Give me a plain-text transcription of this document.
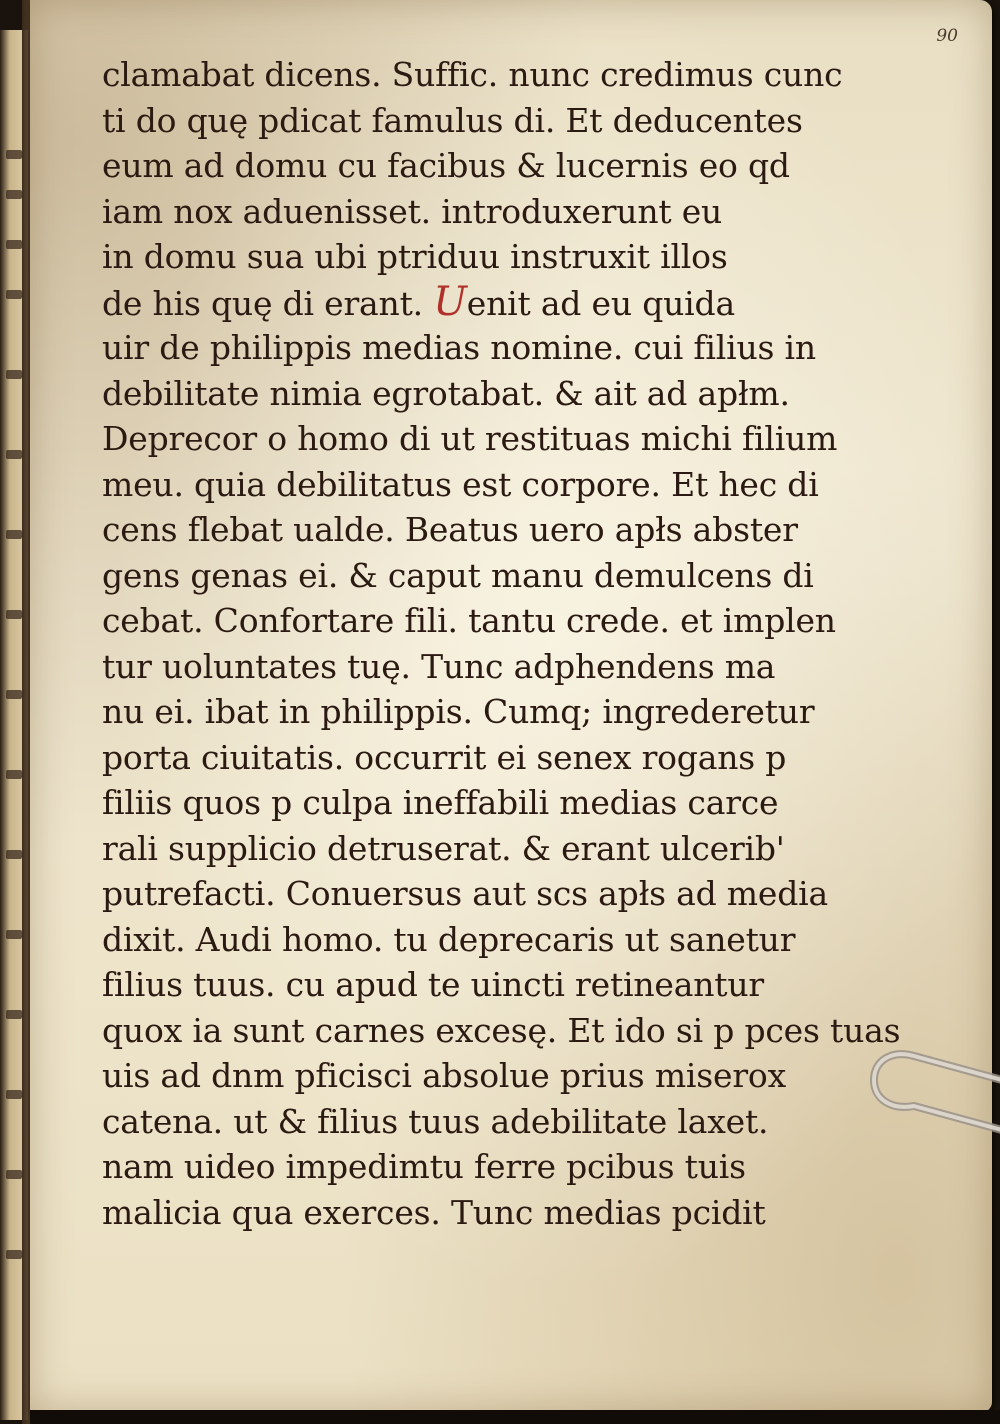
90
clamabat dicens. Suffic. nunc credimus cunc
ti do quę pdicat famulus di. Et deducentes
eum ad domu cu facibus & lucernis eo qd
iam nox aduenisset. introduxerunt eu
in domu sua ubi ptriduu instruxit illos
de his quę di erant. Uenit ad eu quida
uir de philippis medias nomine. cui filius in
debilitate nimia egrotabat. & ait ad apłm.
Deprecor o homo di ut restituas michi filium
meu. quia debilitatus est corpore. Et hec di
cens flebat ualde. Beatus uero apłs abster
gens genas ei. & caput manu demulcens di
cebat. Confortare fili. tantu crede. et implen
tur uoluntates tuę. Tunc adphendens ma
nu ei. ibat in philippis. Cumq; ingrederetur
porta ciuitatis. occurrit ei senex rogans p
filiis quos p culpa ineffabili medias carce
rali supplicio detruserat. & erant ulcerib'
putrefacti. Conuersus aut scs apłs ad media
dixit. Audi homo. tu deprecaris ut sanetur
filius tuus. cu apud te uincti retineantur
quox ia sunt carnes excesę. Et ido si p pces tuas
uis ad dnm pficisci absolue prius miserox
catena. ut & filius tuus adebilitate laxet.
nam uideo impedimtu ferre pcibus tuis
malicia qua exerces. Tunc medias pcidit
